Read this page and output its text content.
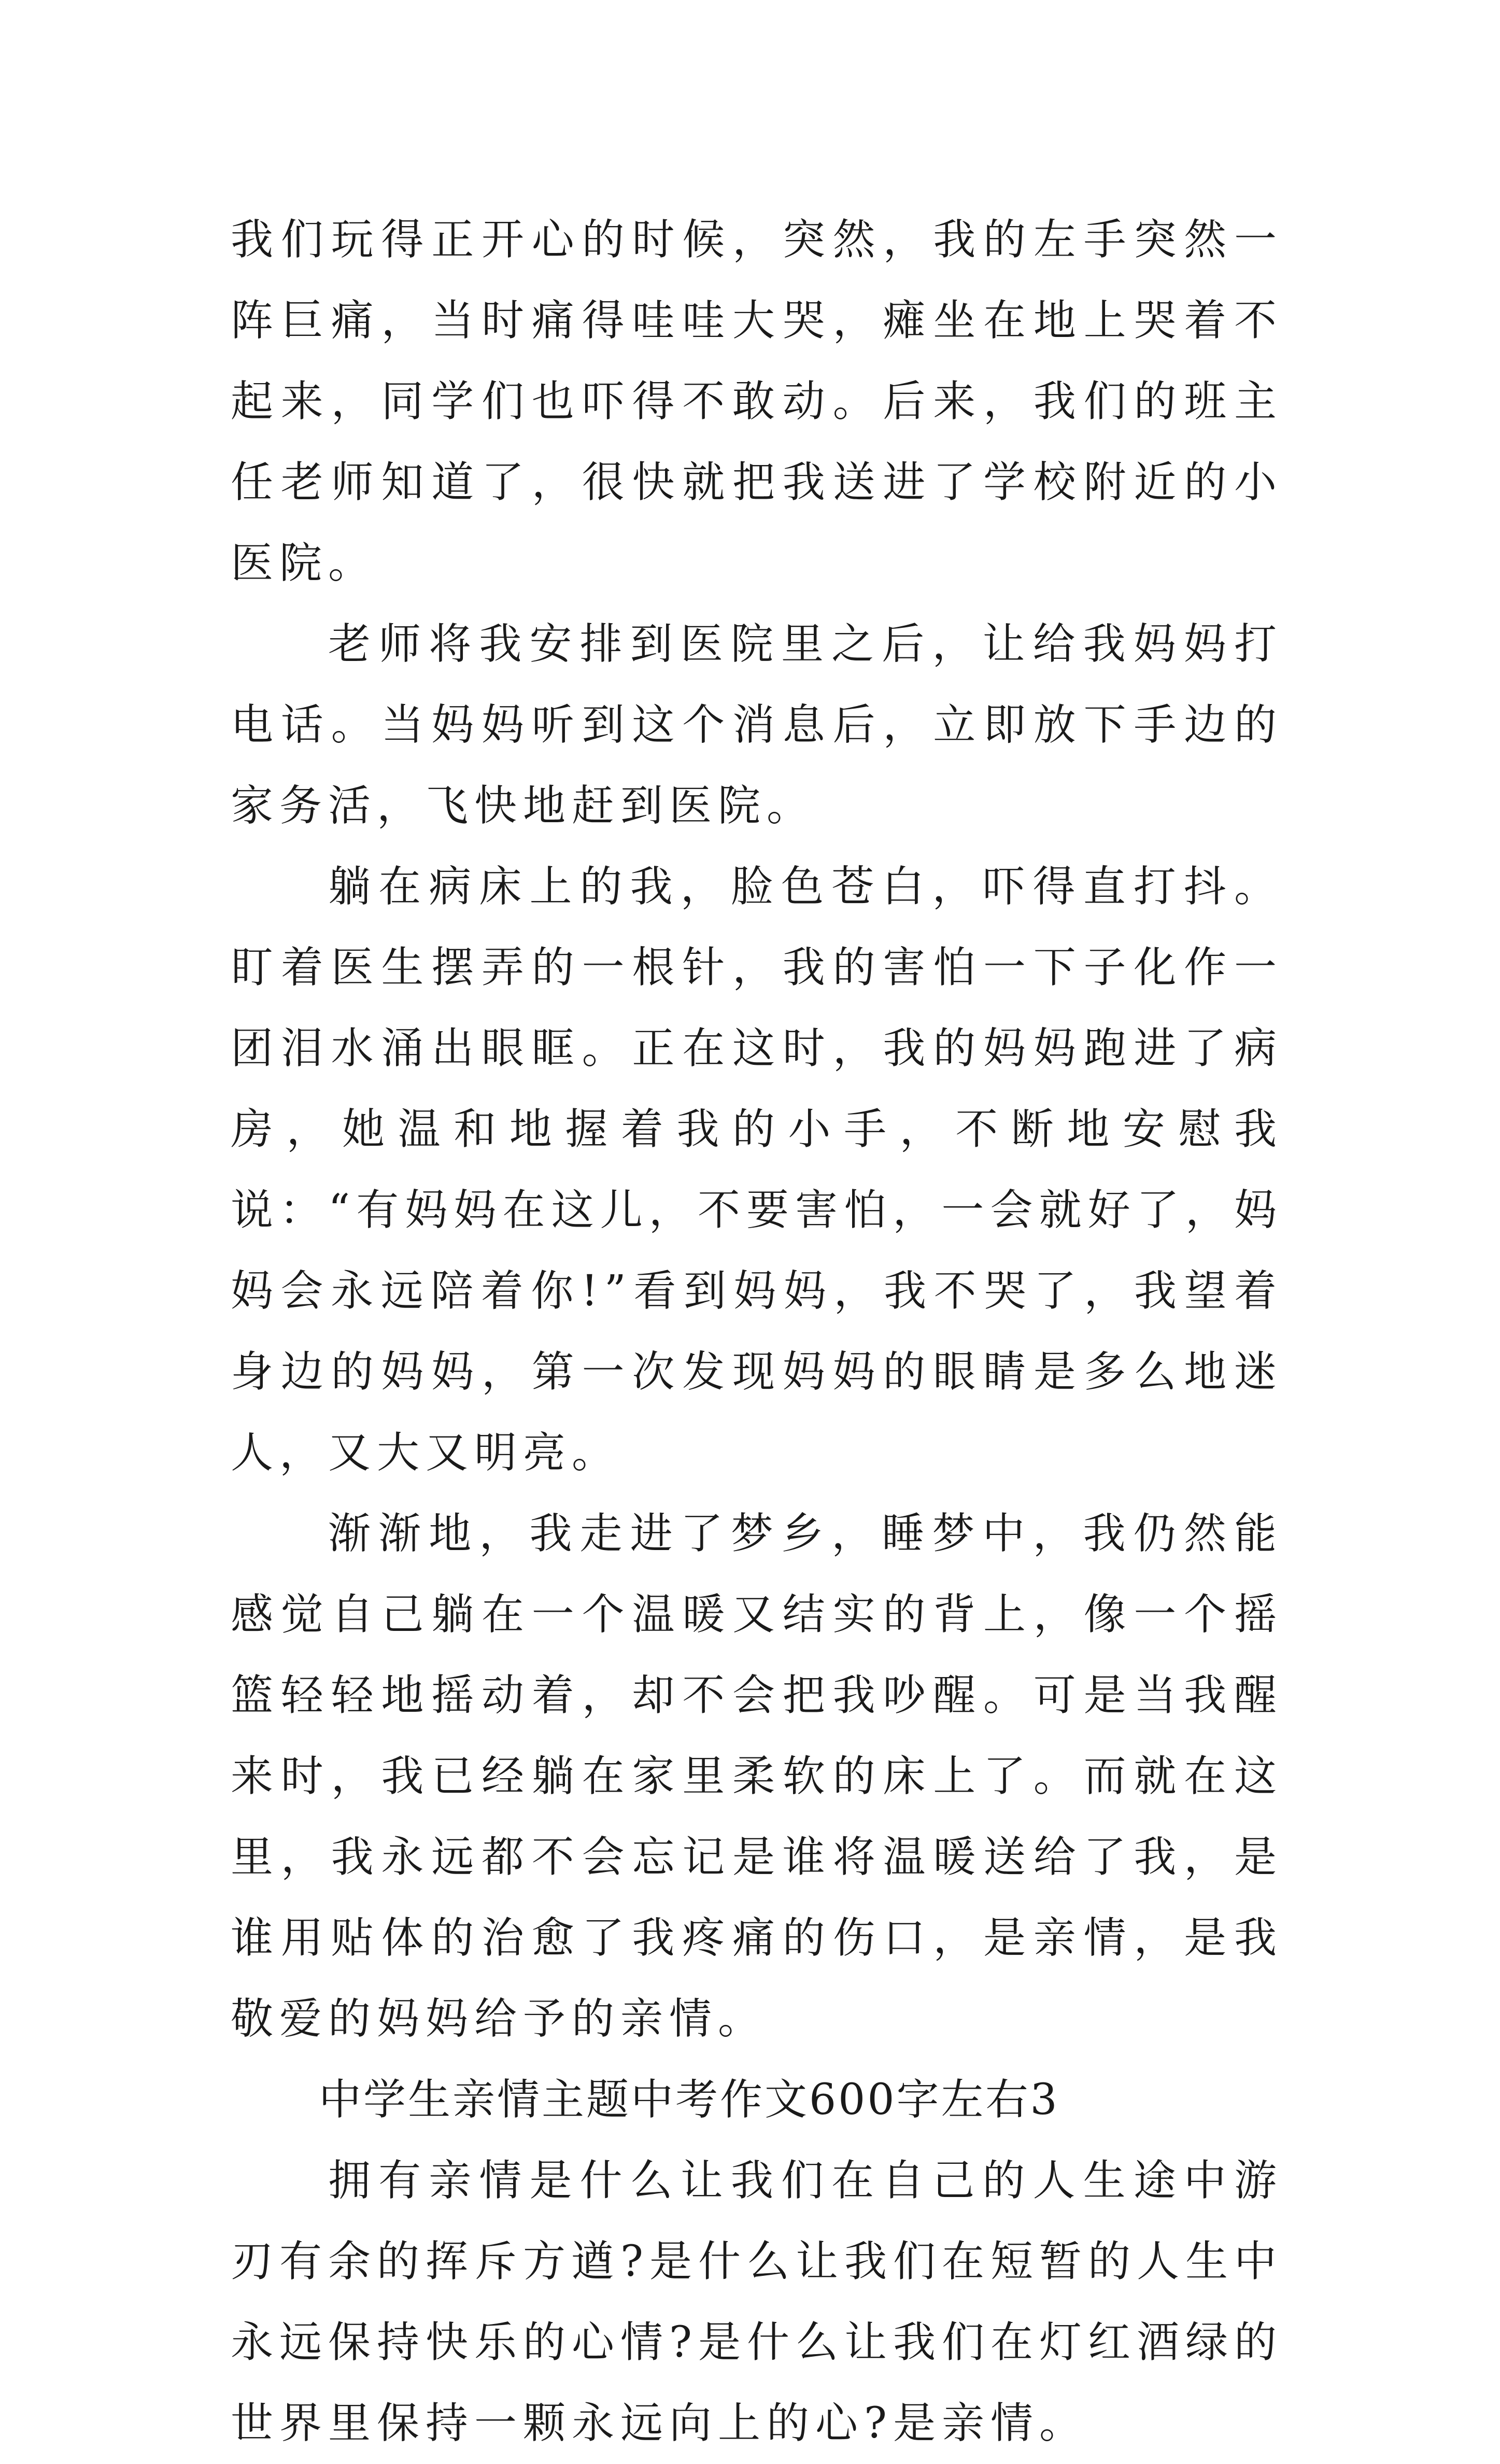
我们玩得正开心的时候，突然，我的左手突然一阵巨痛，当时痛得哇哇大哭，瘫坐在地上哭着不起来，同学们也吓得不敢动。后来，我们的班主任老师知道了，很快就把我送进了学校附近的小医院。

老师将我安排到医院里之后，让给我妈妈打电话。当妈妈听到这个消息后，立即放下手边的家务活，飞快地赶到医院。

躺在病床上的我，脸色苍白，吓得直打抖。盯着医生摆弄的一根针，我的害怕一下子化作一团泪水涌出眼眶。正在这时，我的妈妈跑进了病房，她温和地握着我的小手，不断地安慰我说：“有妈妈在这儿，不要害怕，一会就好了，妈妈会永远陪着你!”看到妈妈，我不哭了，我望着身边的妈妈，第一次发现妈妈的眼睛是多么地迷人，又大又明亮。

渐渐地，我走进了梦乡，睡梦中，我仍然能感觉自己躺在一个温暖又结实的背上，像一个摇篮轻轻地摇动着，却不会把我吵醒。可是当我醒来时，我已经躺在家里柔软的床上了。而就在这里，我永远都不会忘记是谁将温暖送给了我，是谁用贴体的治愈了我疼痛的伤口，是亲情，是我敬爱的妈妈给予的亲情。

中学生亲情主题中考作文600字左右3

拥有亲情是什么让我们在自己的人生途中游刃有余的挥斥方遒?是什么让我们在短暂的人生中永远保持快乐的心情?是什么让我们在灯红酒绿的世界里保持一颗永远向上的心?是亲情。
